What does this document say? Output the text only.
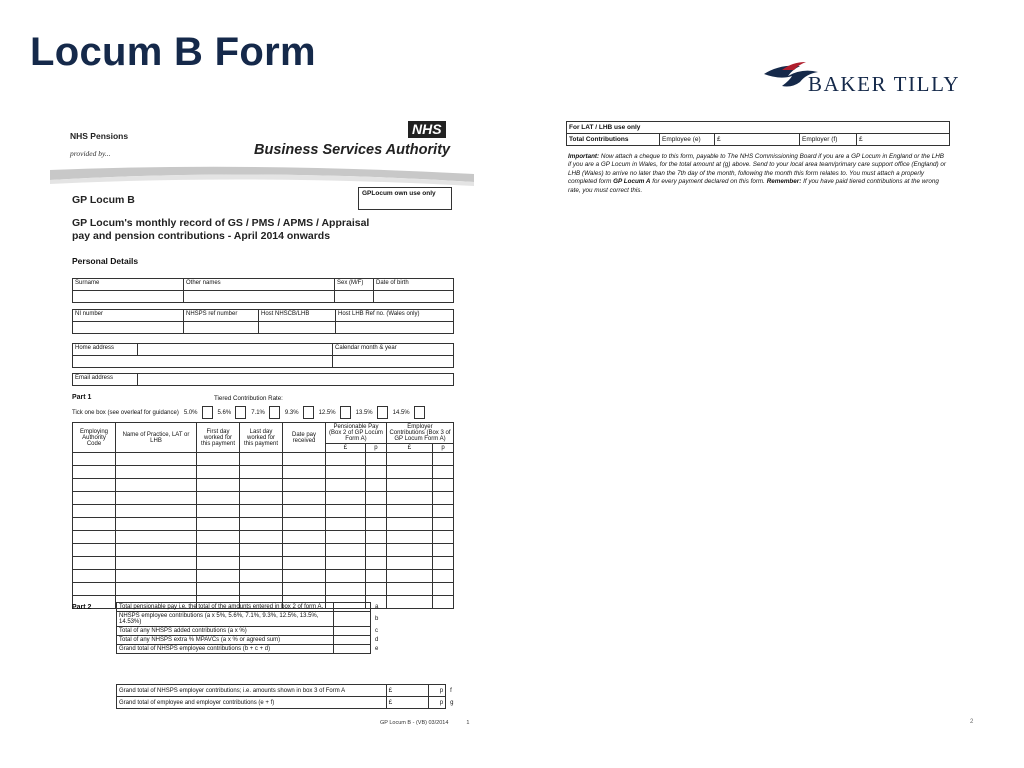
Locum B Form
BAKER TILLY
NHS Pensions
provided by...
NHS
Business Services Authority
GP Locum B
GPLocum own use only
GP Locum's monthly record of GS / PMS / APMS / Appraisal
pay and pension contributions - April 2014 onwards
Personal Details
Surname	Other names	Sex (M/F)	Date of birth

NI number	NHSPS ref number	Host NHSCB/LHB	Host LHB Ref no. (Wales only)

Home address		Calendar month & year

Email address	
Part 1	Tiered Contribution Rate:
Tick one box (see overleaf for guidance) 5.0%	5.6%	7.1%	9.3%	12.5%	13.5%	14.5%
Employing Authority Code	Name of Practice, LAT or LHB	First day worked for this payment	Last day worked for this payment	Date pay received	Pensionable Pay (Box 2 of GP Locum Form A)		Employer Contributions (Box 3 of GP Locum Form A)	
					£	p	£	p

Part 2	Total pensionable pay i.e. the total of the amounts entered in box 2 of form A.		a
NHSPS employee contributions (a x 5%, 5.6%, 7.1%, 9.3%, 12.5%, 13.5%, 14.53%)		b
Total of any NHSPS added contributions (a x %)		c
Total of any NHSPS extra % MPAVCs (a x % or agreed sum)		d
Grand total of NHSPS employee contributions (b + c + d)		e
Grand total of NHSPS employer contributions; i.e. amounts shown in box 3 of Form A	£	p	f
Grand total of employee and employer contributions (e + f)	£	p	g
GP Locum B - (VB) 03/2014	1
For LAT / LHB use only
Total Contributions	Employee (e)	£	Employer (f)	£
Important: Now attach a cheque to this form, payable to The NHS Commissioning Board if you are a GP Locum in England or the LHB if you are a GP Locum in Wales, for the total amount at (g) above. Send to your local area team/primary care support office (England) or LHB (Wales) to arrive no later than the 7th day of the month, following the month this form relates to. You must attach a properly completed form GP Locum A for every payment declared on this form. Remember: If you have paid tiered contributions at the wrong rate, you must correct this.
2
